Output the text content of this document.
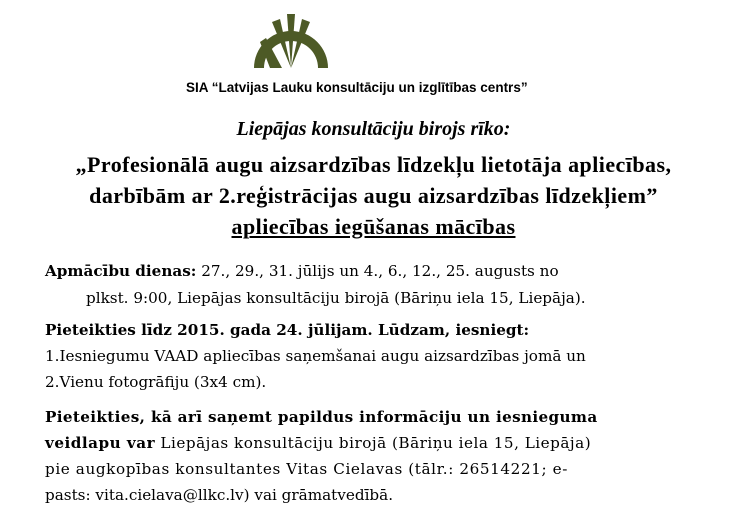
SIA “Latvijas Lauku konsultāciju un izglītības centrs”
Liepājas konsultāciju birojs rīko:
„Profesionālā augu aizsardzības līdzekļu lietotāja apliecības,
darbībām ar 2.reģistrācijas augu aizsardzības līdzekļiem”
apliecības iegūšanas mācības
Apmācību dienas: 27., 29., 31. jūlijs un 4., 6., 12., 25. augusts no
plkst. 9:00, Liepājas konsultāciju birojā (Bāriņu iela 15, Liepāja).
Pieteikties līdz 2015. gada 24. jūlijam. Lūdzam, iesniegt:
1.Iesniegumu VAAD apliecības saņemšanai augu aizsardzības jomā un
2.Vienu fotogrāfiju (3x4 cm).
Pieteikties, kā arī saņemt papildus informāciju un iesnieguma
veidlapu var Liepājas konsultāciju birojā (Bāriņu iela 15, Liepāja)
pie augkopības konsultantes Vitas Cielavas (tālr.: 26514221; e-
pasts: vita.cielava@llkc.lv) vai grāmatvedībā.
